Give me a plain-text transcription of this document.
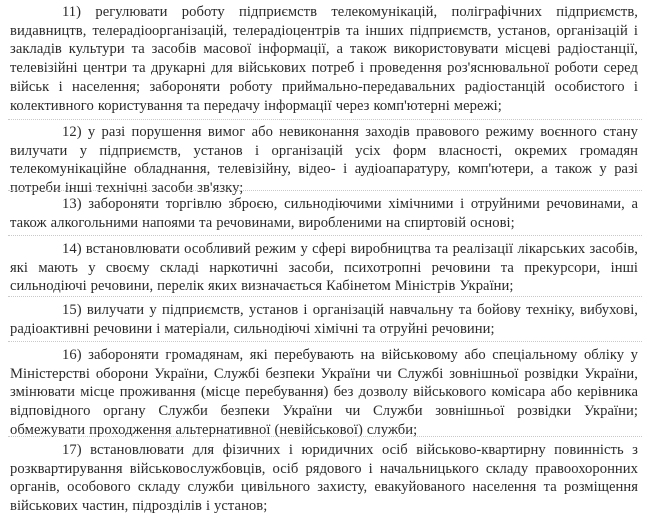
11) регулювати роботу підприємств телекомунікацій, поліграфічних підприємств, видавництв, телерадіоорганізацій, телерадіоцентрів та інших підприємств, установ, організацій і закладів культури та засобів масової інформації, а також використовувати місцеві радіостанції, телевізійні центри та друкарні для військових потреб і проведення роз'яснювальної роботи серед військ і населення; забороняти роботу приймально-передавальних радіостанцій особистого і колективного користування та передачу інформації через комп'ютерні мережі;

12) у разі порушення вимог або невиконання заходів правового режиму воєнного стану вилучати у підприємств, установ і організацій усіх форм власності, окремих громадян телекомунікаційне обладнання, телевізійну, відео- і аудіоапаратуру, комп'ютери, а також у разі потреби інші технічні засоби зв'язку;

13) забороняти торгівлю зброєю, сильнодіючими хімічними і отруйними речовинами, а також алкогольними напоями та речовинами, виробленими на спиртовій основі;

14) встановлювати особливий режим у сфері виробництва та реалізації лікарських засобів, які мають у своєму складі наркотичні засоби, психотропні речовини та прекурсори, інші сильнодіючі речовини, перелік яких визначається Кабінетом Міністрів України;

15) вилучати у підприємств, установ і організацій навчальну та бойову техніку, вибухові, радіоактивні речовини і матеріали, сильнодіючі хімічні та отруйні речовини;

16) забороняти громадянам, які перебувають на військовому або спеціальному обліку у Міністерстві оборони України, Службі безпеки України чи Службі зовнішньої розвідки України, змінювати місце проживання (місце перебування) без дозволу військового комісара або керівника відповідного органу Служби безпеки України чи Служби зовнішньої розвідки України; обмежувати проходження альтернативної (невійськової) служби;

17) встановлювати для фізичних і юридичних осіб військово-квартирну повинність з розквартирування військовослужбовців, осіб рядового і начальницького складу правоохоронних органів, особового складу служби цивільного захисту, евакуйованого населення та розміщення військових частин, підрозділів і установ;
